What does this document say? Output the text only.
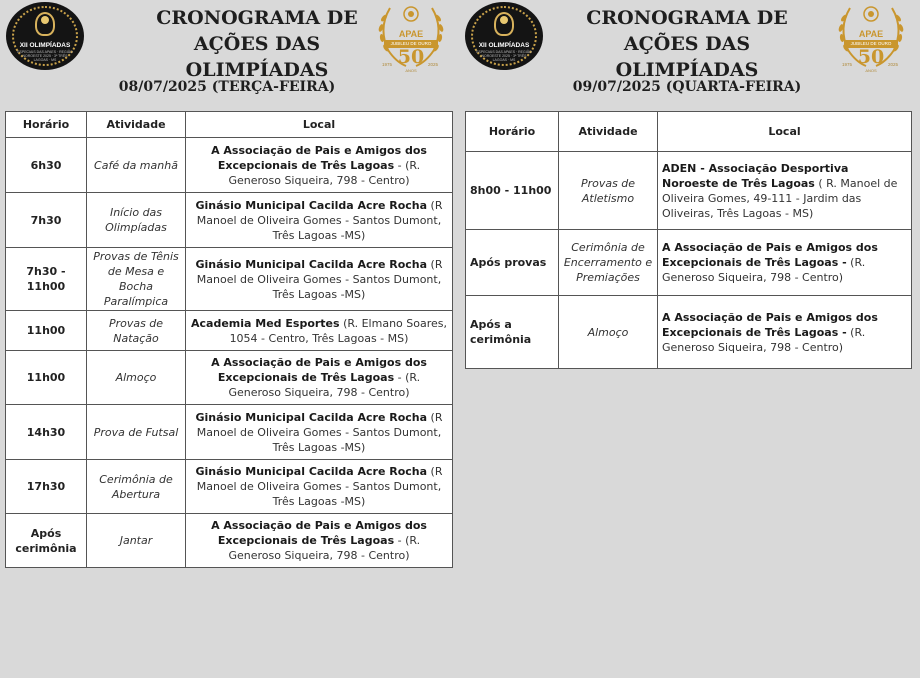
XII OLIMPÍADAS
ESPECIAIS DAS APAES · REGIÃO NOROESTE 2025 · 3ª TRÊS LAGOAS · MS
CRONOGRAMA DE
AÇÕES DAS OLIMPÍADAS
APAE
JUBILEU DE OURO
50
1975	2025
ANOS
08/07/2025 (TERÇA-FEIRA)
Horário	Atividade	Local
6h30	Café da manhã	A Associação de Pais e Amigos dos Excepcionais de Três Lagoas - (R. Generoso Siqueira, 798 - Centro)
7h30	Início das Olimpíadas	Ginásio Municipal Cacilda Acre Rocha (R Manoel de Oliveira Gomes - Santos Dumont, Três Lagoas -MS)
7h30 - 11h00	Provas de Tênis de Mesa e Bocha Paralímpica	Ginásio Municipal Cacilda Acre Rocha (R Manoel de Oliveira Gomes - Santos Dumont, Três Lagoas -MS)
11h00	Provas de Natação	Academia Med Esportes (R. Elmano Soares, 1054 - Centro, Três Lagoas - MS)
11h00	Almoço	A Associação de Pais e Amigos dos Excepcionais de Três Lagoas - (R. Generoso Siqueira, 798 - Centro)
14h30	Prova de Futsal	Ginásio Municipal Cacilda Acre Rocha (R Manoel de Oliveira Gomes - Santos Dumont, Três Lagoas -MS)
17h30	Cerimônia de Abertura	Ginásio Municipal Cacilda Acre Rocha (R Manoel de Oliveira Gomes - Santos Dumont, Três Lagoas -MS)
Após cerimônia	Jantar	A Associação de Pais e Amigos dos Excepcionais de Três Lagoas - (R. Generoso Siqueira, 798 - Centro)
XII OLIMPÍADAS
ESPECIAIS DAS APAES · REGIÃO NOROESTE 2025 · 3ª TRÊS LAGOAS · MS
CRONOGRAMA DE
AÇÕES DAS OLIMPÍADAS
APAE
JUBILEU DE OURO
50
1975	2025
ANOS
09/07/2025 (QUARTA-FEIRA)
Horário	Atividade	Local
8h00 - 11h00	Provas de Atletismo	ADEN - Associação Desportiva Noroeste de Três Lagoas ( R. Manoel de Oliveira Gomes, 49-111 - Jardim das Oliveiras, Três Lagoas - MS)
Após provas	Cerimônia de Encerramento e Premiações	A Associação de Pais e Amigos dos Excepcionais de Três Lagoas - (R. Generoso Siqueira, 798 - Centro)
Após a cerimônia	Almoço	A Associação de Pais e Amigos dos Excepcionais de Três Lagoas - (R. Generoso Siqueira, 798 - Centro)
